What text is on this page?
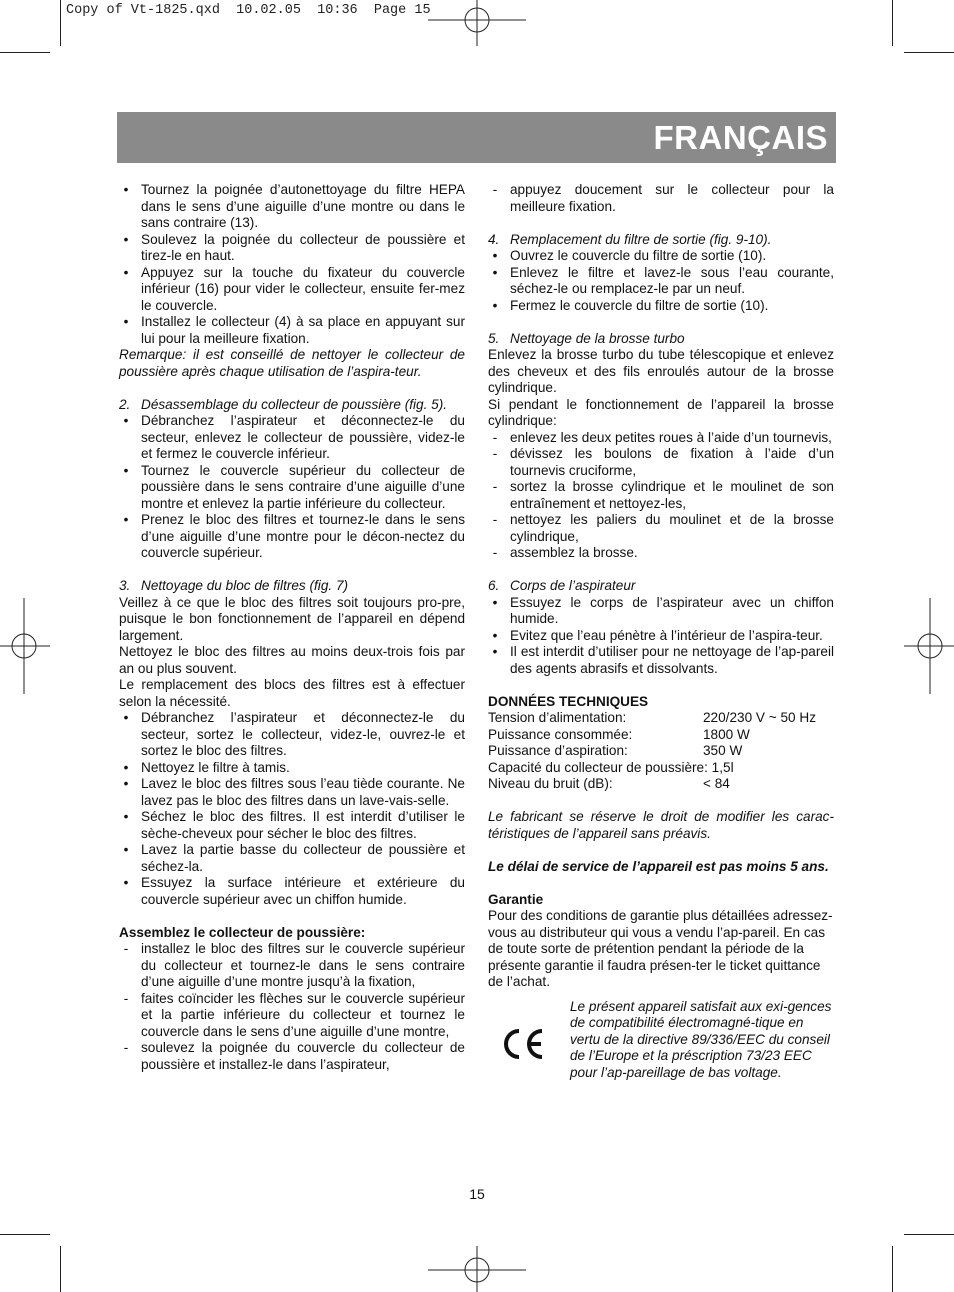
Copy of Vt-1825.qxd  10.02.05  10:36  Page 15
FRANÇAIS
• Tournez la poignée d’autonettoyage du filtre HEPA dans le sens d’une aiguille d’une montre ou dans le sans contraire (13).
• Soulevez la poignée du collecteur de poussière et tirez-le en haut.
• Appuyez sur la touche du fixateur du couvercle inférieur (16) pour vider le collecteur, ensuite fer-mez le couvercle.
• Installez le collecteur (4) à sa place en appuyant sur lui pour la meilleure fixation.

Remarque: il est conseillé de nettoyer le collecteur de poussière après chaque utilisation de l’aspira-teur.

2. Désassemblage du collecteur de poussière (fig. 5).
• Débranchez l’aspirateur et déconnectez-le du secteur, enlevez le collecteur de poussière, videz-le et fermez le couvercle inférieur.
• Tournez le couvercle supérieur du collecteur de poussière dans le sens contraire d’une aiguille d’une montre et enlevez la partie inférieure du collecteur.
• Prenez le bloc des filtres et tournez-le dans le sens d’une aiguille d’une montre pour le décon-nectez du couvercle supérieur.
3. Nettoyage du bloc de filtres (fig. 7)

Veillez à ce que le bloc des filtres soit toujours pro-pre, puisque le bon fonctionnement de l’appareil en dépend largement.

Nettoyez le bloc des filtres au moins deux-trois fois par an ou plus souvent.

Le remplacement des blocs des filtres est à effectuer selon la nécessité.

• Débranchez l’aspirateur et déconnectez-le du secteur, sortez le collecteur, videz-le, ouvrez-le et sortez le bloc des filtres.
• Nettoyez le filtre à tamis.
• Lavez le bloc des filtres sous l’eau tiède courante. Ne lavez pas le bloc des filtres dans un lave-vais-selle.
• Séchez le bloc des filtres. Il est interdit d’utiliser le sèche-cheveux pour sécher le bloc des filtres.
• Lavez la partie basse du collecteur de poussière et séchez-la.
• Essuyez la surface intérieure et extérieure du couvercle supérieur avec un chiffon humide.

Assemblez le collecteur de poussière:

- installez le bloc des filtres sur le couvercle supérieur du collecteur et tournez-le dans le sens contraire d’une aiguille d’une montre jusqu’à la fixation,
- faites coïncider les flèches sur le couvercle supérieur et la partie inférieure du collecteur et tournez le couvercle dans le sens d’une aiguille d’une montre,
- soulevez la poignée du couvercle du collecteur de poussière et installez-le dans l’aspirateur,
- appuyez doucement sur le collecteur pour la meilleure fixation.
4. Remplacement du filtre de sortie (fig. 9-10).
• Ouvrez le couvercle du filtre de sortie (10).
• Enlevez le filtre et lavez-le sous l’eau courante, séchez-le ou remplacez-le par un neuf.
• Fermez le couvercle du filtre de sortie (10).
5. Nettoyage de la brosse turbo

Enlevez la brosse turbo du tube télescopique et enlevez des cheveux et des fils enroulés autour de la brosse cylindrique.

Si pendant le fonctionnement de l’appareil la brosse cylindrique:

- enlevez les deux petites roues à l’aide d’un tournevis,
- dévissez les boulons de fixation à l’aide d’un tournevis cruciforme,
- sortez la brosse cylindrique et le moulinet de son entraînement et nettoyez-les,
- nettoyez les paliers du moulinet et de la brosse cylindrique,
- assemblez la brosse.
6. Corps de l’aspirateur
• Essuyez le corps de l’aspirateur avec un chiffon humide.
• Evitez que l’eau pénètre à l’intérieur de l’aspira-teur.
• Il est interdit d’utiliser pour ne nettoyage de l’ap-pareil des agents abrasifs et dissolvants.

DONNÉES TECHNIQUES

Tension d’alimentation:	220/230 V ~ 50 Hz
Puissance consommée:	1800 W
Puissance d’aspiration:	350 W
Capacité du collecteur de poussière: 1,5l
Niveau du bruit (dB):	< 84

Le fabricant se réserve le droit de modifier les carac-téristiques de l’appareil sans préavis.

Le délai de service de l’appareil est pas moins 5 ans.

Garantie

Pour des conditions de garantie plus détaillées adressez-vous au distributeur qui vous a vendu l’ap-pareil. En cas de toute sorte de prétention pendant la période de la présente garantie il faudra présen-ter le ticket quittance de l’achat.

Le présent appareil satisfait aux exi-gences de compatibilité électromagné-tique en vertu de la directive 89/336/EEC du conseil de l’Europe et la préscription 73/23 EEC pour l’ap-pareillage de bas voltage.

15
